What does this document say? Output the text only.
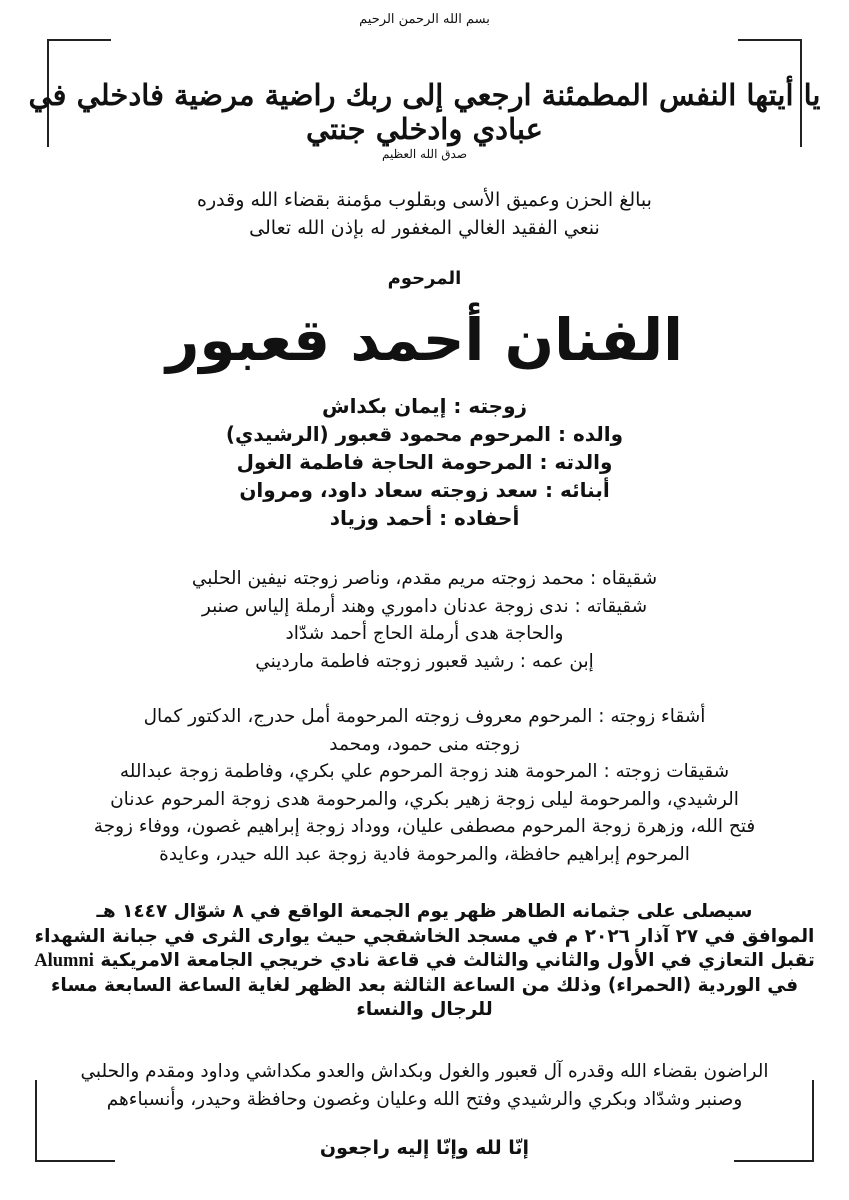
بسم الله الرحمن الرحيم
يا أيتها النفس المطمئنة ارجعي إلى ربك راضية مرضية فادخلي في عبادي وادخلي جنتي
صدق الله العظيم
ببالغ الحزن وعميق الأسى وبقلوب مؤمنة بقضاء الله وقدره
ننعي الفقيد الغالي المغفور له بإذن الله تعالى
المرحوم
الفنان أحمد قعبور
زوجته : إيمان بكداش
والده : المرحوم محمود قعبور (الرشيدي)
والدته : المرحومة الحاجة فاطمة الغول
أبنائه : سعد زوجته سعاد داود، ومروان
أحفاده : أحمد وزياد
شقيقاه : محمد زوجته مريم مقدم، وناصر زوجته نيفين الحلبي
شقيقاته : ندى زوجة عدنان داموري وهند أرملة إلياس صنبر
والحاجة هدى أرملة الحاج أحمد شدّاد
إبن عمه : رشيد قعبور زوجته فاطمة مارديني
أشقاء زوجته : المرحوم معروف زوجته المرحومة أمل حدرج، الدكتور كمال
زوجته منى حمود، ومحمد
شقيقات زوجته : المرحومة هند زوجة المرحوم علي بكري، وفاطمة زوجة عبدالله
الرشيدي، والمرحومة ليلى زوجة زهير بكري، والمرحومة هدى زوجة المرحوم عدنان
فتح الله، وزهرة زوجة المرحوم مصطفى عليان، ووداد زوجة إبراهيم غصون، ووفاء زوجة
المرحوم إبراهيم حافظة، والمرحومة فادية زوجة عبد الله حيدر، وعايدة
سيصلى على جثمانه الطاهر ظهر يوم الجمعة الواقع في ٨ شوّال ١٤٤٧ هـ
الموافق في ٢٧ آذار ٢٠٢٦ م في مسجد الخاشقجي حيث يوارى الثرى في جبانة الشهداء
تقبل التعازي في الأول والثاني والثالث في قاعة نادي خريجي الجامعة الامريكية Alumni
في الوردية (الحمراء) وذلك من الساعة الثالثة بعد الظهر لغاية الساعة السابعة مساء
للرجال والنساء
الراضون بقضاء الله وقدره آل قعبور والغول وبكداش والعدو مكداشي وداود ومقدم والحلبي
وصنبر وشدّاد وبكري والرشيدي وفتح الله وعليان وغصون وحافظة وحيدر، وأنسباءهم
إنّا لله وإنّا إليه راجعون
